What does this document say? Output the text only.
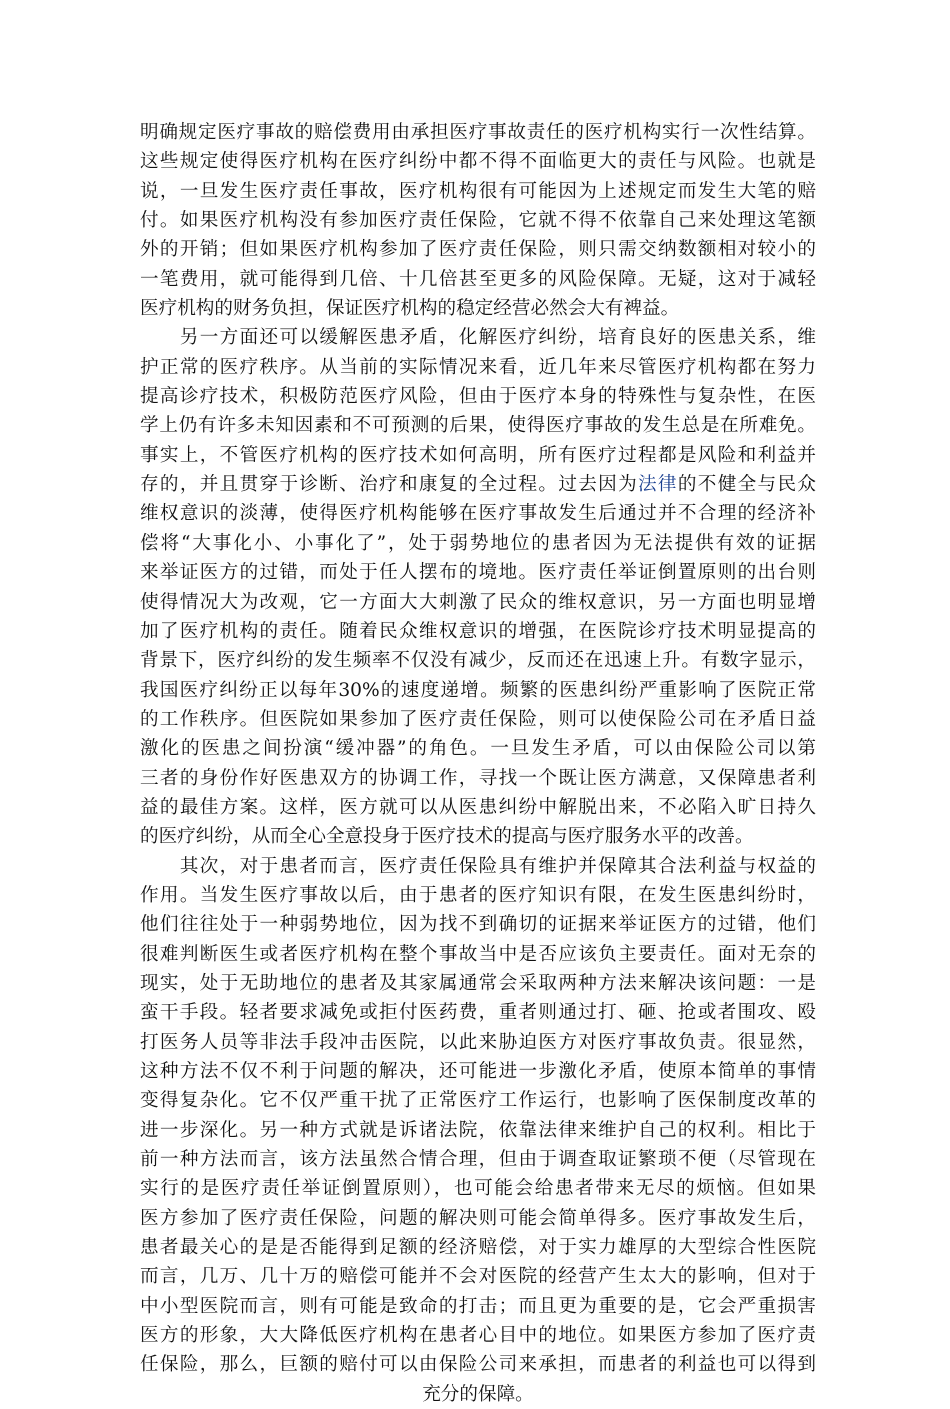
明确规定医疗事故的赔偿费用由承担医疗事故责任的医疗机构实行一次性结算。
这些规定使得医疗机构在医疗纠纷中都不得不面临更大的责任与风险。也就是
说，一旦发生医疗责任事故，医疗机构很有可能因为上述规定而发生大笔的赔
付。如果医疗机构没有参加医疗责任保险，它就不得不依靠自己来处理这笔额
外的开销；但如果医疗机构参加了医疗责任保险，则只需交纳数额相对较小的
一笔费用，就可能得到几倍、十几倍甚至更多的风险保障。无疑，这对于减轻
医疗机构的财务负担，保证医疗机构的稳定经营必然会大有裨益。
　　另一方面还可以缓解医患矛盾，化解医疗纠纷，培育良好的医患关系，维
护正常的医疗秩序。从当前的实际情况来看，近几年来尽管医疗机构都在努力
提高诊疗技术，积极防范医疗风险，但由于医疗本身的特殊性与复杂性，在医
学上仍有许多未知因素和不可预测的后果，使得医疗事故的发生总是在所难免。
事实上，不管医疗机构的医疗技术如何高明，所有医疗过程都是风险和利益并
存的，并且贯穿于诊断、治疗和康复的全过程。过去因为法律的不健全与民众
维权意识的淡薄，使得医疗机构能够在医疗事故发生后通过并不合理的经济补
偿将“大事化小、小事化了”，处于弱势地位的患者因为无法提供有效的证据
来举证医方的过错，而处于任人摆布的境地。医疗责任举证倒置原则的出台则
使得情况大为改观，它一方面大大刺激了民众的维权意识，另一方面也明显增
加了医疗机构的责任。随着民众维权意识的增强，在医院诊疗技术明显提高的
背景下，医疗纠纷的发生频率不仅没有减少，反而还在迅速上升。有数字显示，
我国医疗纠纷正以每年30%的速度递增。频繁的医患纠纷严重影响了医院正常
的工作秩序。但医院如果参加了医疗责任保险，则可以使保险公司在矛盾日益
激化的医患之间扮演“缓冲器”的角色。一旦发生矛盾，可以由保险公司以第
三者的身份作好医患双方的协调工作，寻找一个既让医方满意，又保障患者利
益的最佳方案。这样，医方就可以从医患纠纷中解脱出来，不必陷入旷日持久
的医疗纠纷，从而全心全意投身于医疗技术的提高与医疗服务水平的改善。
　　其次，对于患者而言，医疗责任保险具有维护并保障其合法利益与权益的
作用。当发生医疗事故以后，由于患者的医疗知识有限，在发生医患纠纷时，
他们往往处于一种弱势地位，因为找不到确切的证据来举证医方的过错，他们
很难判断医生或者医疗机构在整个事故当中是否应该负主要责任。面对无奈的
现实，处于无助地位的患者及其家属通常会采取两种方法来解决该问题：一是
蛮干手段。轻者要求减免或拒付医药费，重者则通过打、砸、抢或者围攻、殴
打医务人员等非法手段冲击医院，以此来胁迫医方对医疗事故负责。很显然，
这种方法不仅不利于问题的解决，还可能进一步激化矛盾，使原本简单的事情
变得复杂化。它不仅严重干扰了正常医疗工作运行，也影响了医保制度改革的
进一步深化。另一种方式就是诉诸法院，依靠法律来维护自己的权利。相比于
前一种方法而言，该方法虽然合情合理，但由于调查取证繁琐不便（尽管现在
实行的是医疗责任举证倒置原则），也可能会给患者带来无尽的烦恼。但如果
医方参加了医疗责任保险，问题的解决则可能会简单得多。医疗事故发生后，
患者最关心的是是否能得到足额的经济赔偿，对于实力雄厚的大型综合性医院
而言，几万、几十万的赔偿可能并不会对医院的经营产生太大的影响，但对于
中小型医院而言，则有可能是致命的打击；而且更为重要的是，它会严重损害
医方的形象，大大降低医疗机构在患者心目中的地位。如果医方参加了医疗责
任保险，那么，巨额的赔付可以由保险公司来承担，而患者的利益也可以得到
充分的保障。
